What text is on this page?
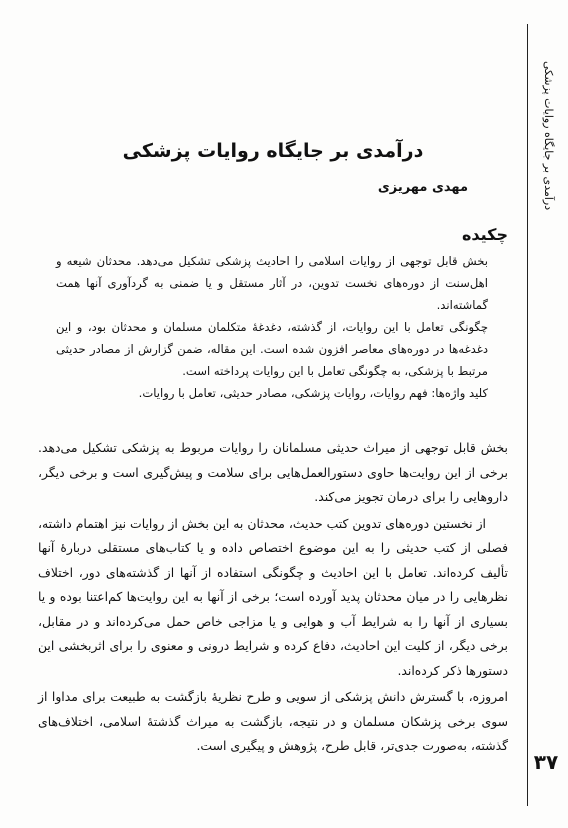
درآمدی بر جایگاه روایات پزشکی
۳۷
درآمدی بر جایگاه روایات پزشکی
مهدی مهریزی
چکیده

بخش قابل توجهی از روایات اسلامی را احادیث پزشکی تشکیل می‌دهد. محدثان شیعه و اهل‌سنت از دوره‌های نخست تدوین، در آثار مستقل و یا ضمنی به گردآوری آنها همت گماشته‌اند.

چگونگی تعامل با این روایات، از گذشته، دغدغهٔ متکلمان مسلمان و محدثان بود، و این دغدغه‌ها در دوره‌های معاصر افزون شده است. این مقاله، ضمن گزارش از مصادر حدیثی مرتبط با پزشکی، به چگونگی تعامل با این روایات پرداخته است.

کلید واژه‌ها: فهم روایات، روایات پزشکی، مصادر حدیثی، تعامل با روایات.

بخش قابل توجهی از میراث حدیثی مسلمانان را روایات مربوط به پزشکی تشکیل می‌دهد. برخی از این روایت‌ها حاوی دستورالعمل‌هایی برای سلامت و پیش‌گیری است و برخی دیگر، داروهایی را برای درمان تجویز می‌کند.

از نخستین دوره‌های تدوین کتب حدیث، محدثان به این بخش از روایات نیز اهتمام داشته، فصلی از کتب حدیثی را به این موضوع اختصاص داده و یا کتاب‌های مستقلی دربارهٔ آنها تألیف کرده‌اند. تعامل با این احادیث و چگونگی استفاده از آنها از گذشته‌های دور، اختلاف نظرهایی را در میان محدثان پدید آورده است؛ برخی از آنها به این روایت‌ها کم‌اعتنا بوده و یا بسیاری از آنها را به شرایط آب و هوایی و یا مزاجی خاص حمل می‌کرده‌اند و در مقابل، برخی دیگر، از کلیت این احادیث، دفاع کرده و شرایط درونی و معنوی را برای اثربخشی این دستورها ذکر کرده‌اند.

امروزه، با گسترش دانش پزشکی از سویی و طرح نظریهٔ بازگشت به طبیعت برای مداوا از سوی برخی پزشکان مسلمان و در نتیجه، بازگشت به میراث گذشتهٔ اسلامی، اختلاف‌های گذشته، به‌صورت جدی‌تر، قابل طرح، پژوهش و پیگیری است.
